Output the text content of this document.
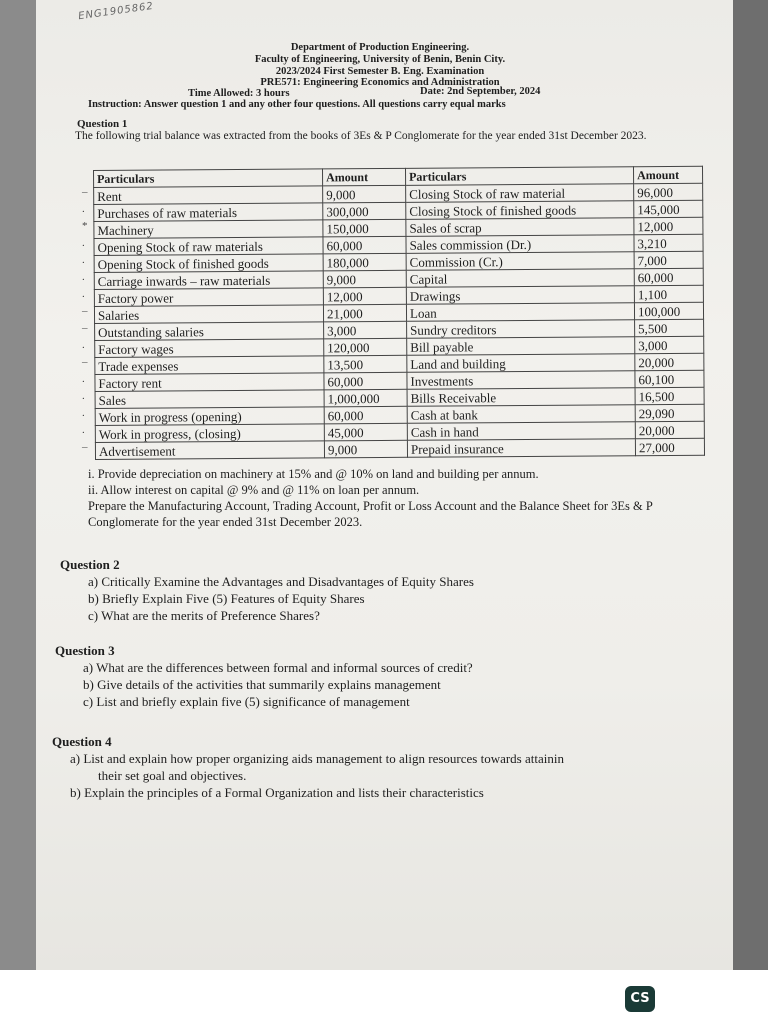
ENG1905862
Department of Production Engineering.
Faculty of Engineering, University of Benin, Benin City.
2023/2024 First Semester B. Eng. Examination
PRE571: Engineering Economics and Administration
Time Allowed: 3 hours	Date: 2nd September, 2024
Instruction: Answer question 1 and any other four questions. All questions carry equal marks
Question 1
The following trial balance was extracted from the books of 3Es & P Conglomerate for the year ended 31st December 2023.
–
.
*
.
.
.
.
–
–
.
–
.
.
.
.
–
Particulars	Amount	Particulars	Amount
Rent	9,000	Closing Stock of raw material	96,000
Purchases of raw materials	300,000	Closing Stock of finished goods	145,000
Machinery	150,000	Sales of scrap	12,000
Opening Stock of raw materials	60,000	Sales commission (Dr.)	3,210
Opening Stock of finished goods	180,000	Commission (Cr.)	7,000
Carriage inwards – raw materials	9,000	Capital	60,000
Factory power	12,000	Drawings	1,100
Salaries	21,000	Loan	100,000
Outstanding salaries	3,000	Sundry creditors	5,500
Factory wages	120,000	Bill payable	3,000
Trade expenses	13,500	Land and building	20,000
Factory rent	60,000	Investments	60,100
Sales	1,000,000	Bills Receivable	16,500
Work in progress (opening)	60,000	Cash at bank	29,090
Work in progress, (closing)	45,000	Cash in hand	20,000
Advertisement	9,000	Prepaid insurance	27,000
i. Provide depreciation on machinery at 15% and @ 10% on land and building per annum.
ii. Allow interest on capital @ 9% and @ 11% on loan per annum.
Prepare the Manufacturing Account, Trading Account, Profit or Loss Account and the Balance Sheet for 3Es & P Conglomerate for the year ended 31st December 2023.
Question 2
a) Critically Examine the Advantages and Disadvantages of Equity Shares
b) Briefly Explain Five (5) Features of Equity Shares
c) What are the merits of Preference Shares?
Question 3
a) What are the differences between formal and informal sources of credit?
b) Give details of the activities that summarily explains management
c) List and briefly explain five (5) significance of management
Question 4
a) List and explain how proper organizing aids management to align resources towards attainin
their set goal and objectives.
b) Explain the principles of a Formal Organization and lists their characteristics
CS
